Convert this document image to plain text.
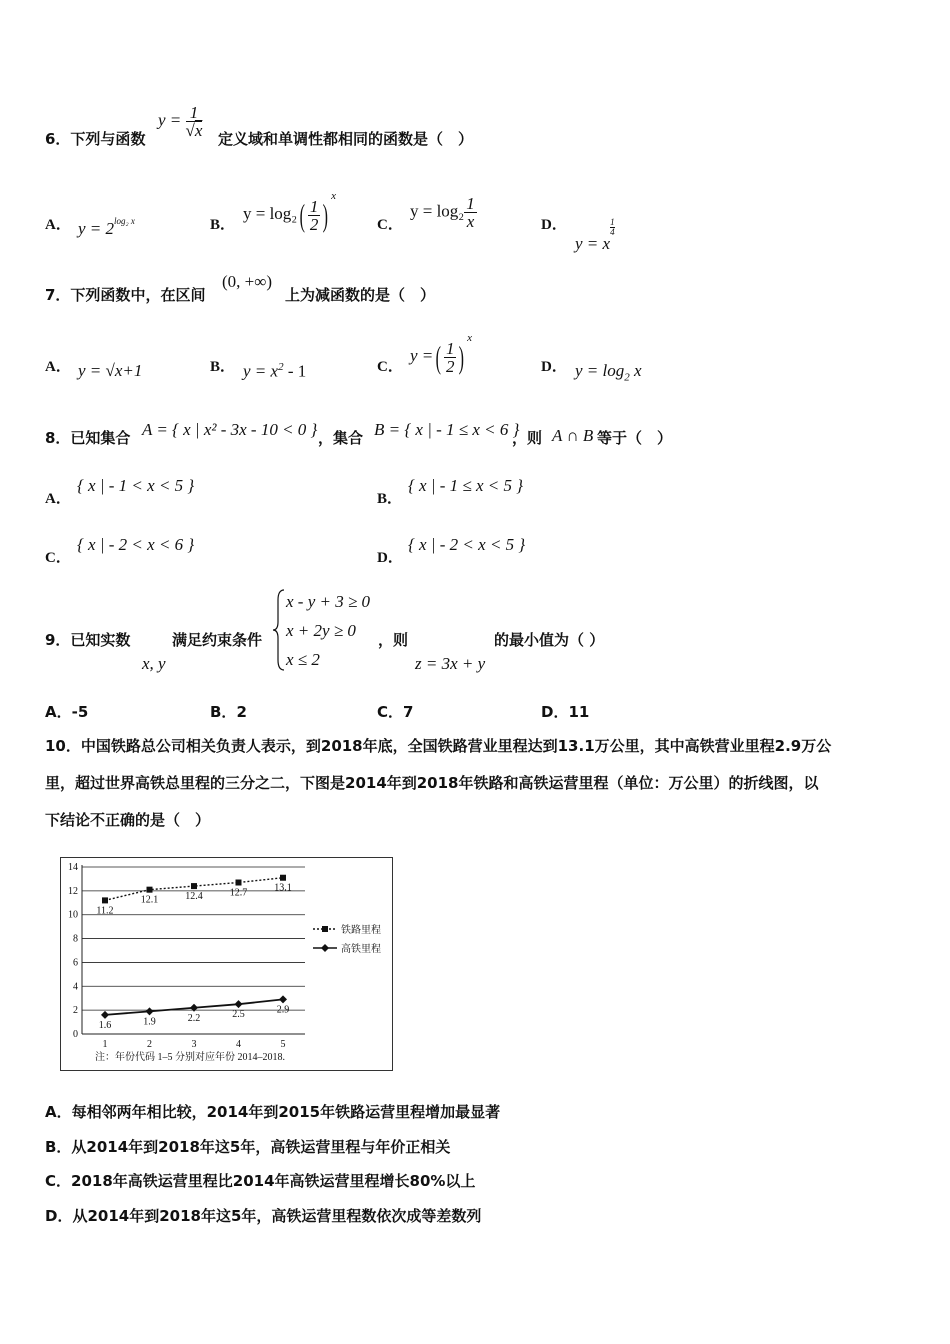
6．下列与函数
$y = \frac{1}{√x}$ 定义域和单调性都相同的函数是（　）
A． $y = 2^{log_2 x}$	B．
$y = \log_2( \frac{1}{2} )^x$
C．
$y = \log_2 \frac{1}{x}$	D．
y = x
$\frac{1}{4}$
7．下列函数中，在区间
(0, +∞)
上为减函数的是（　）
A． y = √x+1	B． $y = x^2 - 1$	C．
y =( $\frac{1}{2} )^x$
D． $y = \log_2 x$
8．已知集合 A = { x | x² - 3x - 10 < 0 } ，集合 B = { x | - 1 ≤ x < 6 }
，则 A ∩ B 等于（　）
A．
{ x | - 1 < x < 5 }
B．
{ x | - 1 ≤ x < 5 }
C．
{ x | - 2 < x < 6 }
D．
{ x | - 2 < x < 5 }
9．已知实数
x, y
满足约束条件
x - y + 3 ≥ 0
x + 2y ≥ 0
x ≤ 2
，则
z = 3x + y
的最小值为（ ）
A．-5	B．2	C．7	D．11
10．中国铁路总公司相关负责人表示，到2018年底，全国铁路营业里程达到13.1万公里，其中高铁营业里程2.9万公
里，超过世界高铁总里程的三分之二，下图是2014年到2018年铁路和高铁运营里程（单位：万公里）的折线图，以
下结论不正确的是（　）
0
2
4
6
8
10
12
14
1	2	3	4	5
11.2
12.1	12.4	12.7	13.1
1.6	1.9	2.2	2.5	2.9
铁路里程
高铁里程
注：年份代码 1–5 分别对应年份 2014–2018.
A．每相邻两年相比较，2014年到2015年铁路运营里程增加最显著
B．从2014年到2018年这5年，高铁运营里程与年价正相关
C．2018年高铁运营里程比2014年高铁运营里程增长80%以上
D．从2014年到2018年这5年，高铁运营里程数依次成等差数列
